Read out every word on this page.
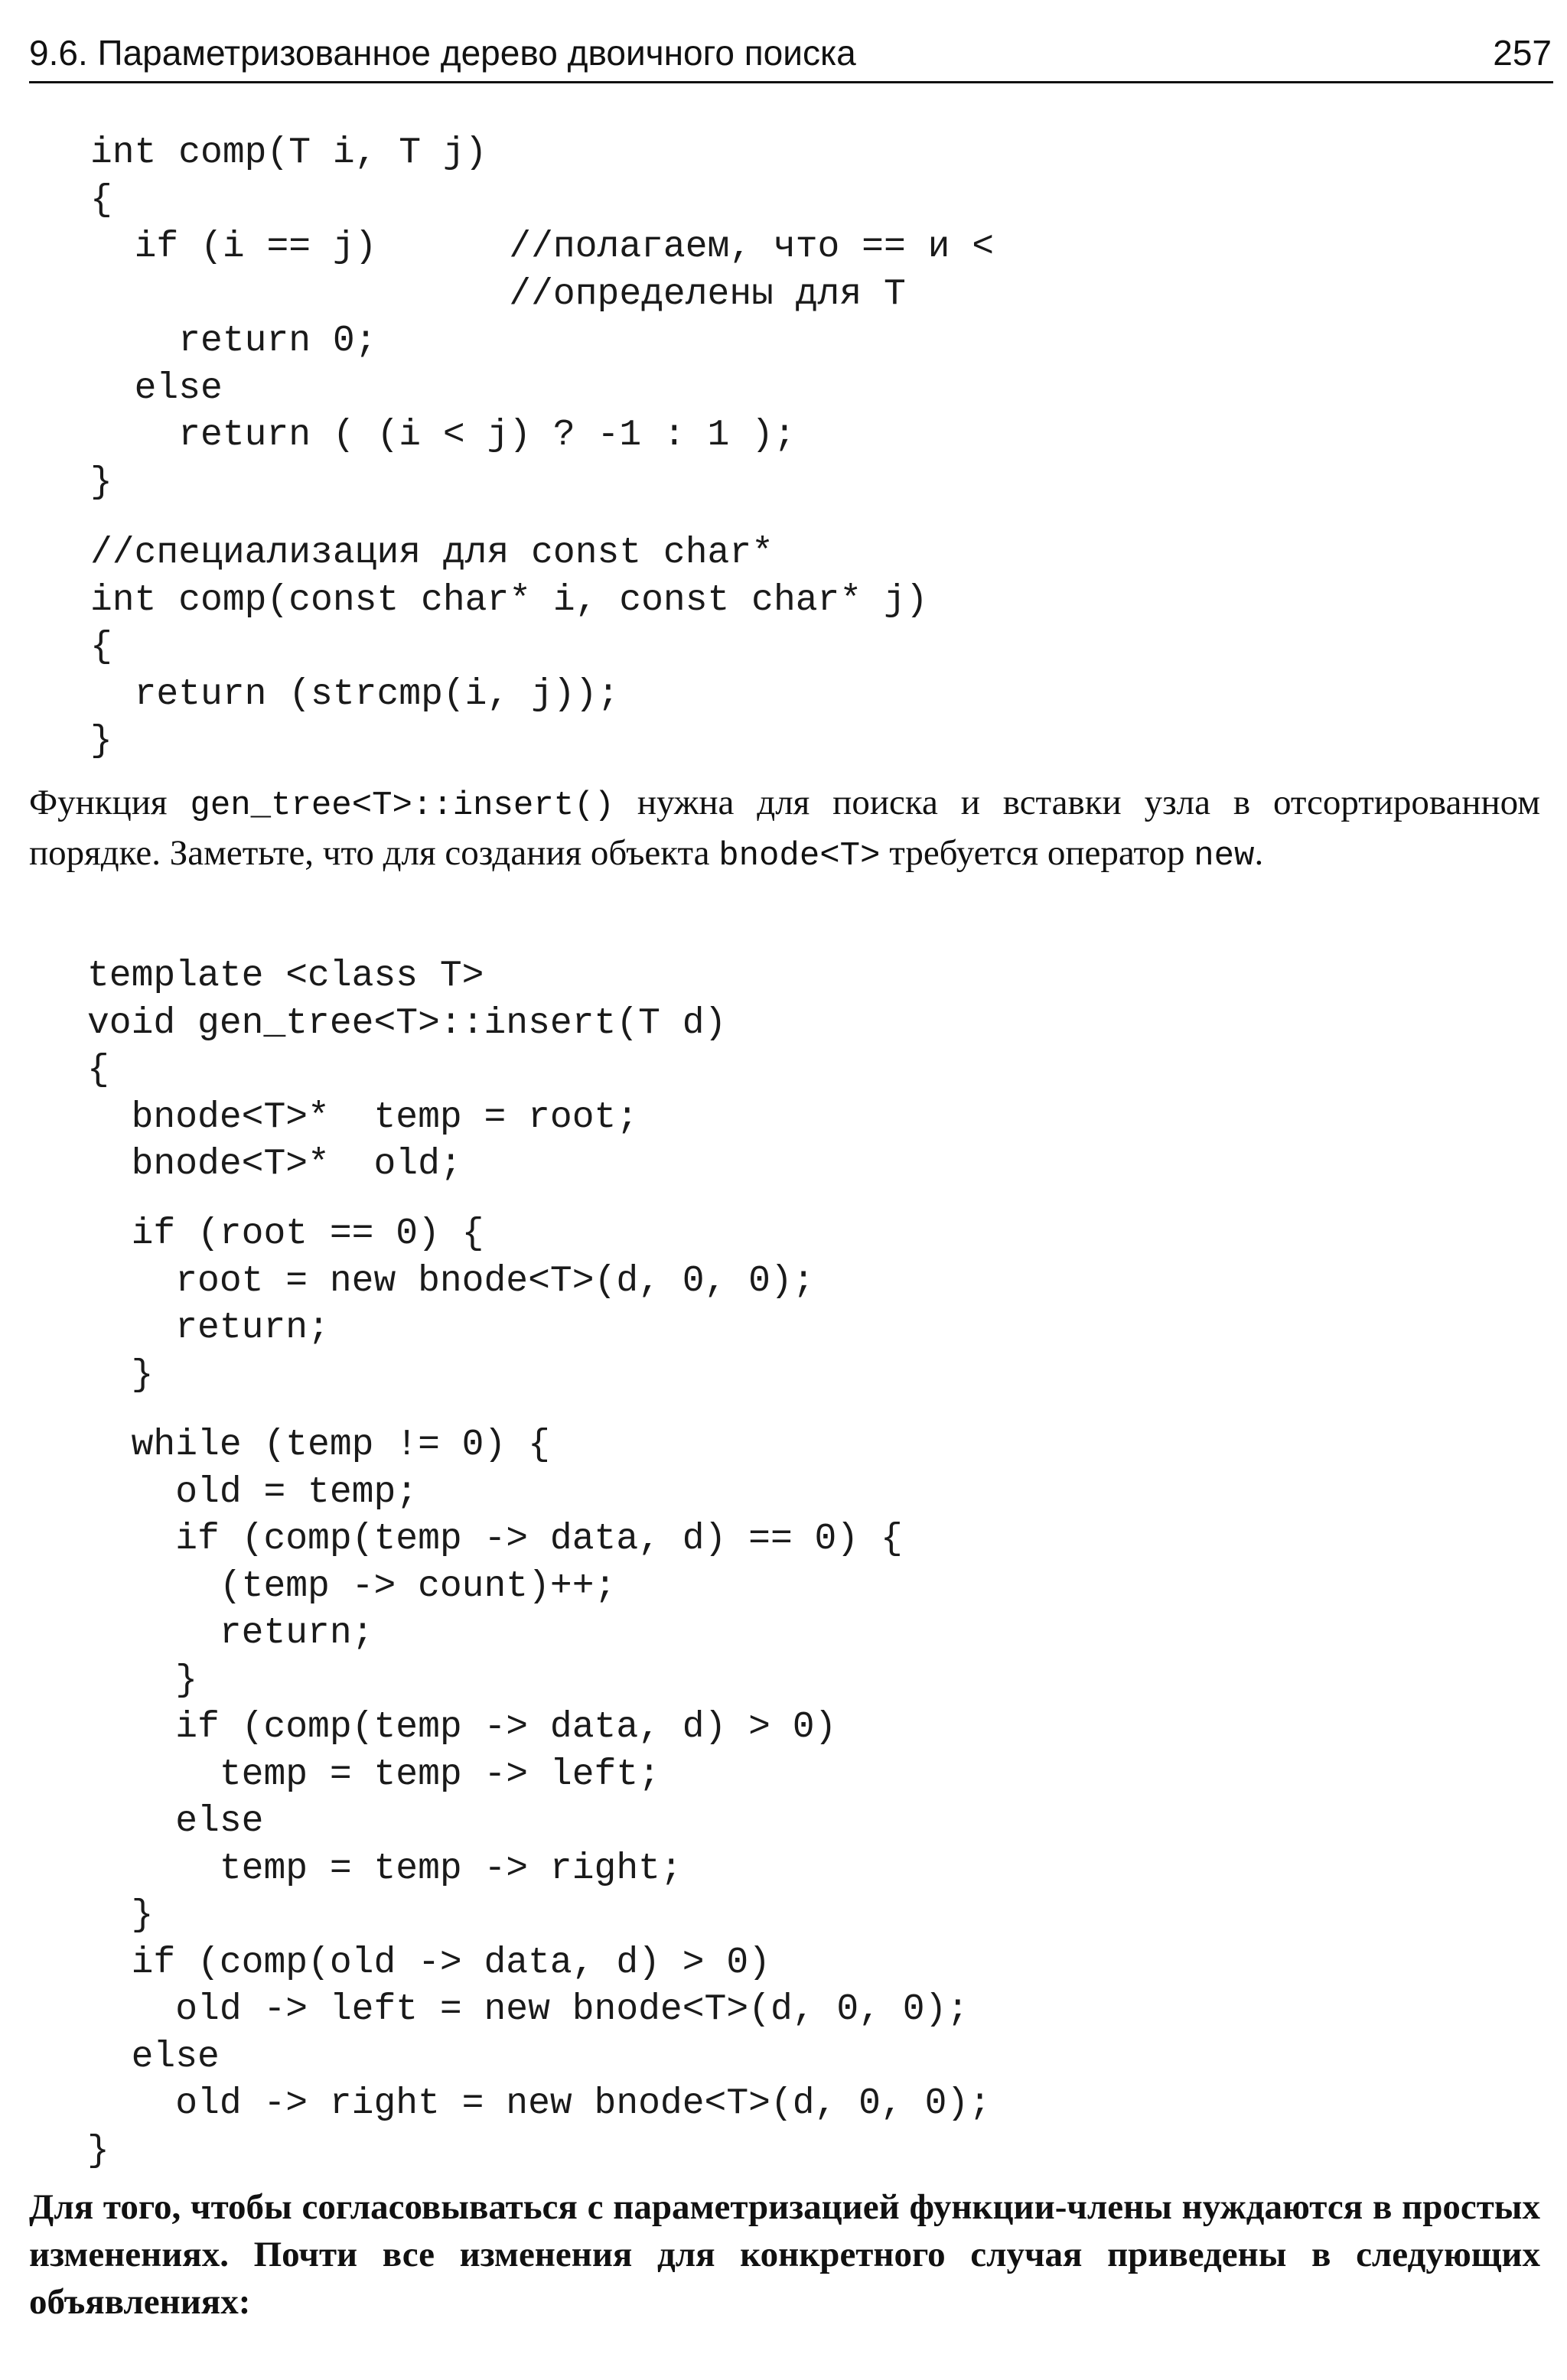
9.6. Параметризованное дерево двоичного поиска	257
int comp(T i, T j)
{
if (i == j)      //полагаем, что == и <
//определены для T
return 0;
else
return ( (i < j) ? -1 : 1 );
}
//специализация для const char*
int comp(const char* i, const char* j)
{
return (strcmp(i, j));
}

Функция gen_tree<T>::insert() нужна для поиска и вставки узла в отсортированном порядке. Заметьте, что для создания объекта bnode<T> требуется оператор new.

template <class T>
void gen_tree<T>::insert(T d)
{
bnode<T>*  temp = root;
bnode<T>*  old;
if (root == 0) {
root = new bnode<T>(d, 0, 0);
return;
}
while (temp != 0) {
old = temp;
if (comp(temp -> data, d) == 0) {
(temp -> count)++;
return;
}
if (comp(temp -> data, d) > 0)
temp = temp -> left;
else
temp = temp -> right;
}
if (comp(old -> data, d) > 0)
old -> left = new bnode<T>(d, 0, 0);
else
old -> right = new bnode<T>(d, 0, 0);
}

Для того, чтобы согласовываться с параметризацией функции-члены нуждаются в простых изменениях. Почти все изменения для конкретного случая приведены в следующих объявлениях:
